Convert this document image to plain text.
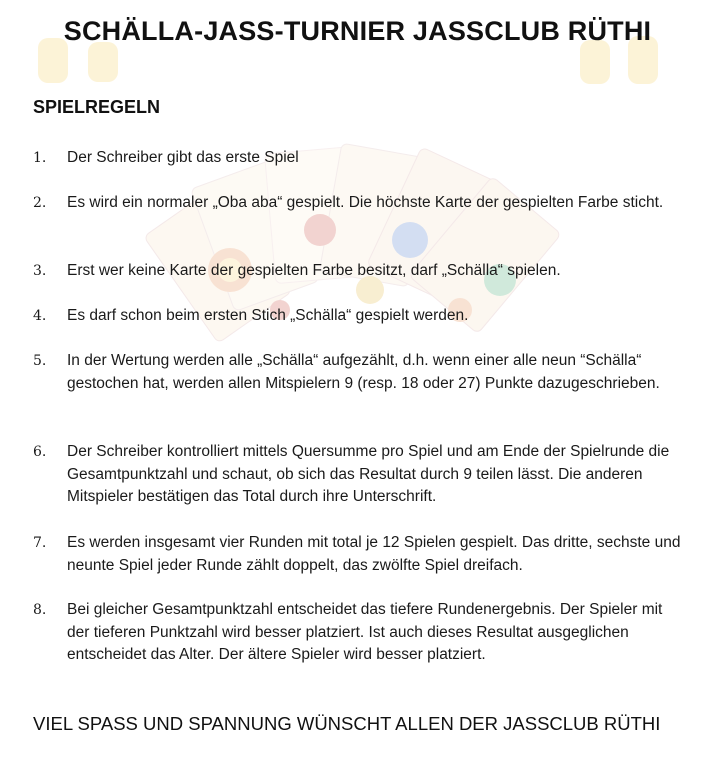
SCHÄLLA-JASS-TURNIER JASSCLUB RÜTHI
SPIELREGELN
1.	Der Schreiber gibt das erste Spiel
2.	Es wird ein normaler „Oba aba“ gespielt. Die höchste Karte der gespielten Farbe sticht.
3.	Erst wer keine Karte der gespielten Farbe besitzt, darf „Schälla“ spielen.
4.	Es darf schon beim ersten Stich „Schälla“ gespielt werden.
5.	In der Wertung werden alle „Schälla“ aufgezählt, d.h. wenn einer alle neun “Schälla“ gestochen hat, werden allen Mitspielern 9 (resp. 18 oder 27) Punkte dazugeschrieben.
6.	Der Schreiber kontrolliert mittels Quersumme pro Spiel und am Ende der Spielrunde die Gesamtpunktzahl und schaut, ob sich das Resultat durch 9 teilen lässt. Die anderen Mitspieler bestätigen das Total durch ihre Unterschrift.
7.	Es werden insgesamt vier Runden mit total je 12 Spielen gespielt. Das dritte, sechste und neunte Spiel jeder Runde zählt doppelt, das zwölfte Spiel dreifach.
8.	Bei gleicher Gesamtpunktzahl entscheidet das tiefere Rundenergebnis. Der Spieler mit der tieferen Punktzahl wird besser platziert. Ist auch dieses Resultat ausgeglichen entscheidet das Alter. Der ältere Spieler wird besser platziert.
VIEL SPASS UND SPANNUNG WÜNSCHT ALLEN DER JASSCLUB RÜTHI
